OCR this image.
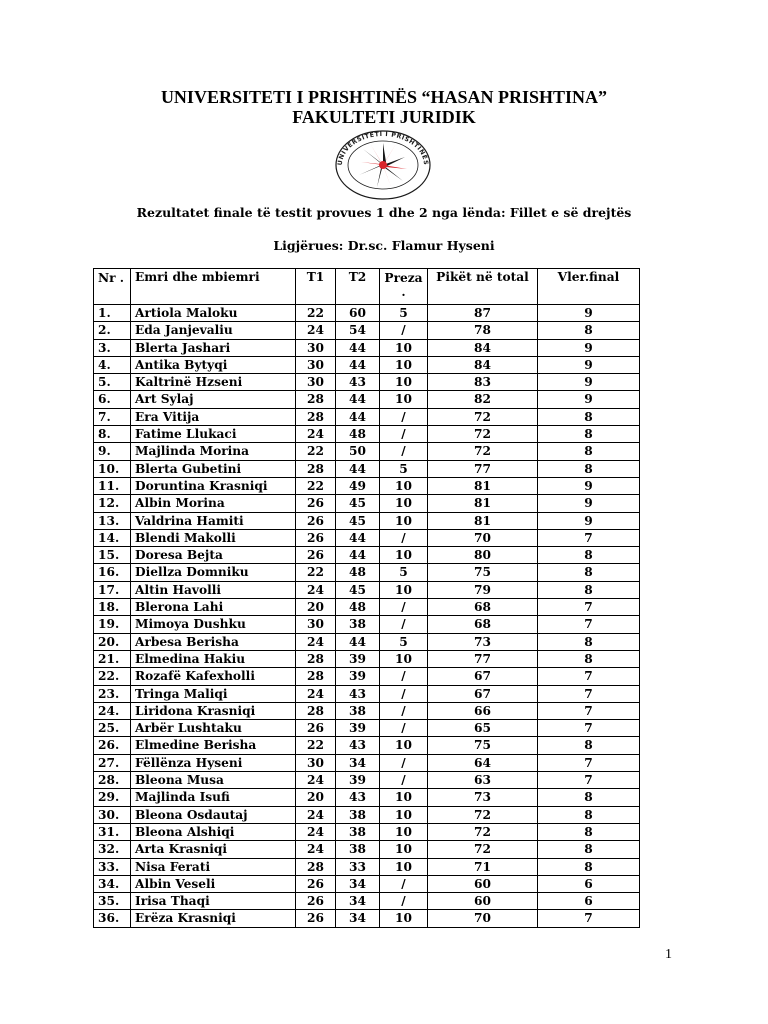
UNIVERSITETI I PRISHTINËS “HASAN PRISHTINA”
FAKULTETI JURIDIK
UNIVERSITETI I PRISHTINËS
Rezultatet finale të testit provues 1 dhe 2 nga lënda: Fillet e së drejtës
Ligjërues: Dr.sc. Flamur Hyseni
Nr .	Emri dhe mbiemri	T1	T2	Preza .	Pikët në total	Vler.final
1.	Artiola Maloku	22	60	5	87	9
2.	Eda Janjevaliu	24	54	/	78	8
3.	Blerta Jashari	30	44	10	84	9
4.	Antika Bytyqi	30	44	10	84	9
5.	Kaltrinë Hzseni	30	43	10	83	9
6.	Art Sylaj	28	44	10	82	9
7.	Era Vitija	28	44	/	72	8
8.	Fatime Llukaci	24	48	/	72	8
9.	Majlinda Morina	22	50	/	72	8
10.	Blerta Gubetini	28	44	5	77	8
11.	Doruntina Krasniqi	22	49	10	81	9
12.	Albin Morina	26	45	10	81	9
13.	Valdrina Hamiti	26	45	10	81	9
14.	Blendi Makolli	26	44	/	70	7
15.	Doresa Bejta	26	44	10	80	8
16.	Diellza Domniku	22	48	5	75	8
17.	Altin Havolli	24	45	10	79	8
18.	Blerona Lahi	20	48	/	68	7
19.	Mimoya Dushku	30	38	/	68	7
20.	Arbesa Berisha	24	44	5	73	8
21.	Elmedina Hakiu	28	39	10	77	8
22.	Rozafë Kafexholli	28	39	/	67	7
23.	Tringa Maliqi	24	43	/	67	7
24.	Liridona Krasniqi	28	38	/	66	7
25.	Arbër Lushtaku	26	39	/	65	7
26.	Elmedine Berisha	22	43	10	75	8
27.	Fëllënza Hyseni	30	34	/	64	7
28.	Bleona Musa	24	39	/	63	7
29.	Majlinda Isufi	20	43	10	73	8
30.	Bleona Osdautaj	24	38	10	72	8
31.	Bleona Alshiqi	24	38	10	72	8
32.	Arta Krasniqi	24	38	10	72	8
33.	Nisa Ferati	28	33	10	71	8
34.	Albin Veseli	26	34	/	60	6
35.	Irisa Thaqi	26	34	/	60	6
36.	Erëza Krasniqi	26	34	10	70	7
1
